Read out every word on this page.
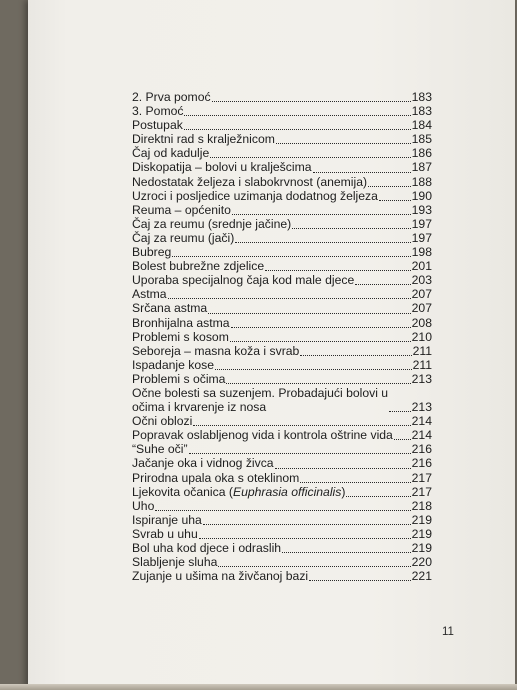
2. Prva pomoć	183
3. Pomoć	183
Postupak	184
Direktni rad s kralježnicom	185
Čaj od kadulje	186
Diskopatija – bolovi u kralješcima	187
Nedostatak željeza i slabokrvnost (anemija)	188
Uzroci i posljedice uzimanja dodatnog željeza	190
Reuma – općenito	193
Čaj za reumu (srednje jačine)	197
Čaj za reumu (jači)	197
Bubreg	198
Bolest bubrežne zdjelice	201
Uporaba specijalnog čaja kod male djece	203
Astma	207
Srčana astma	207
Bronhijalna astma	208
Problemi s kosom	210
Seboreja – masna koža i svrab	211
Ispadanje kose	211
Problemi s očima	213
Očne bolesti sa suzenjem. Probadajući bolovi u
očima i krvarenje iz nosa	213
Očni oblozi	214
Popravak oslabljenog vida i kontrola oštrine vida 214
“Suhe oči”	216
Jačanje oka i vidnog živca	216
Prirodna upala oka s oteklinom	217
Ljekovita očanica (Euphrasia officinalis)	217
Uho	218
Ispiranje uha	219
Svrab u uhu	219
Bol uha kod djece i odraslih	219
Slabljenje sluha	220
Zujanje u ušima na živčanoj bazi	221
11
